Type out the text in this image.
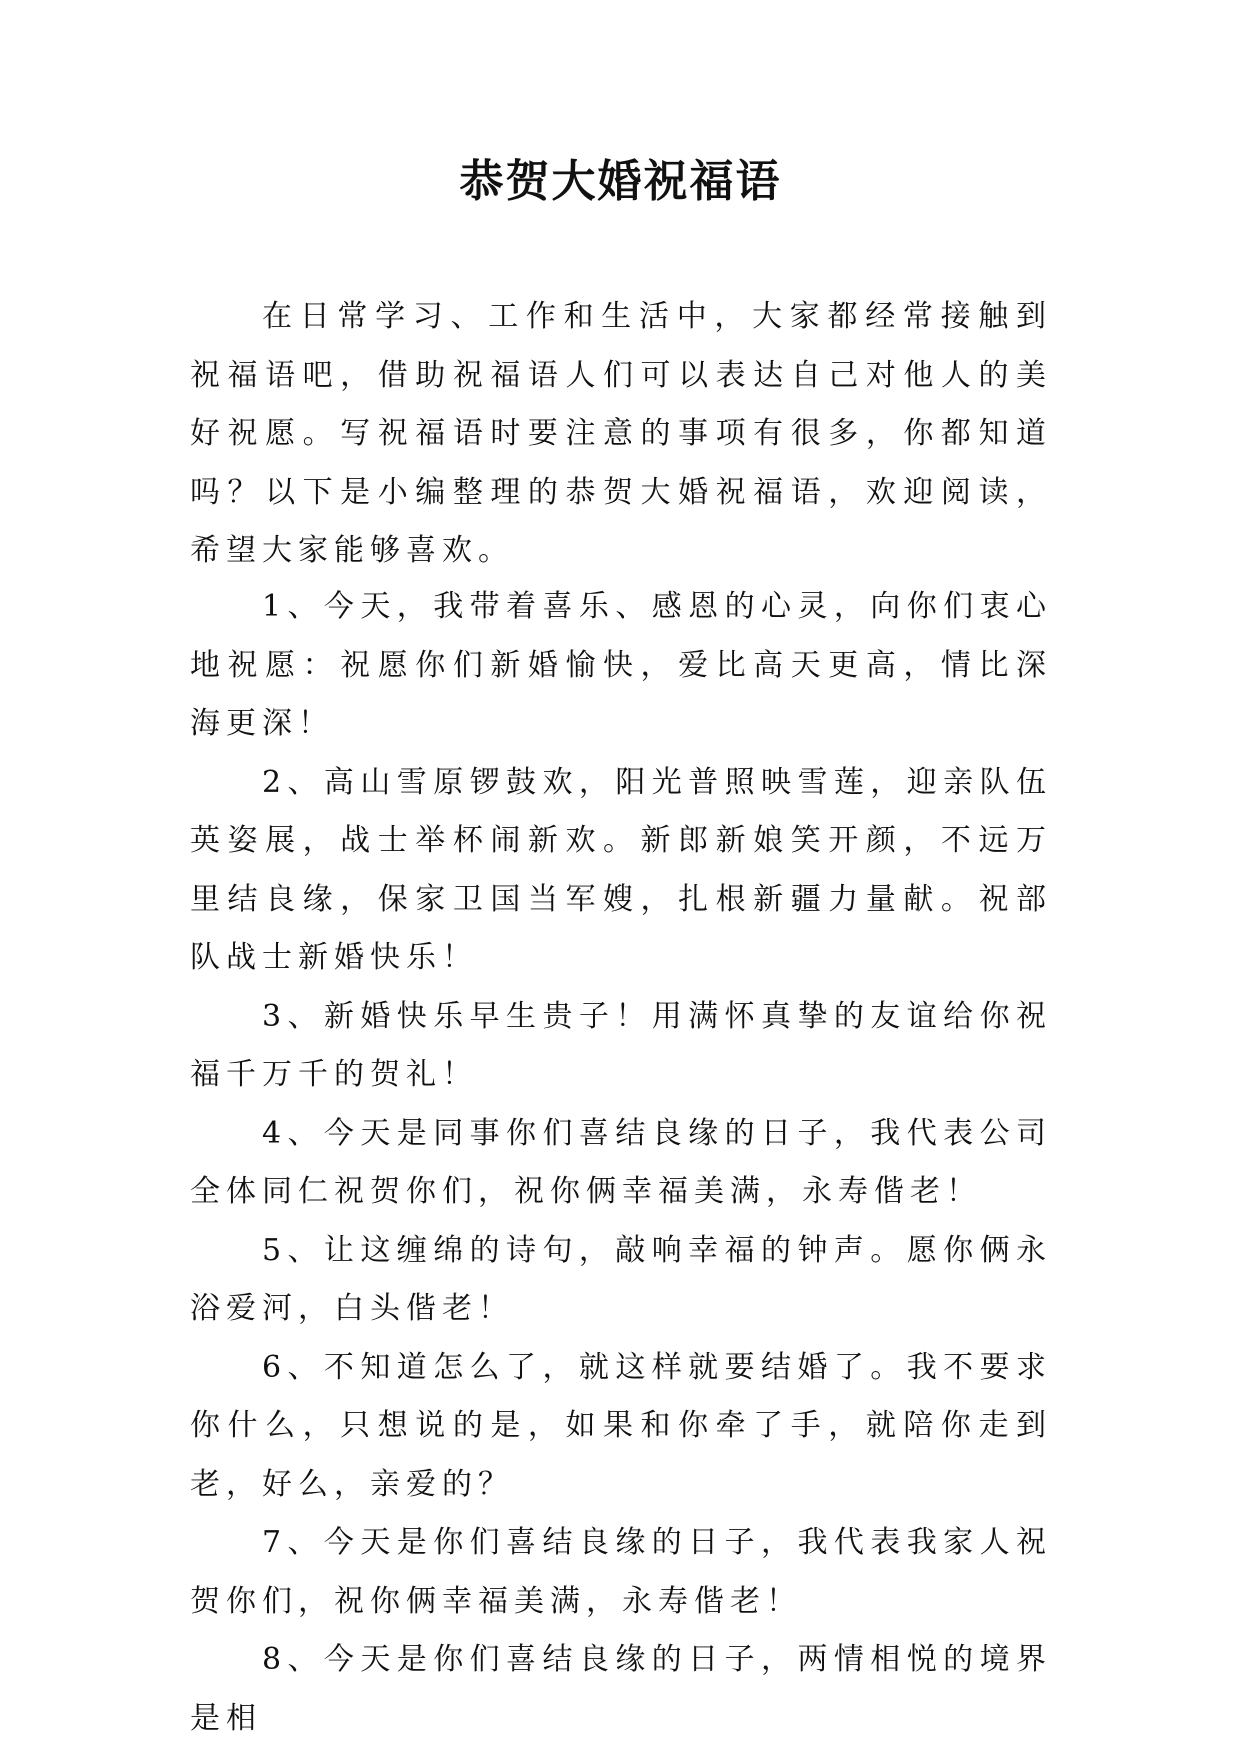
恭贺大婚祝福语

在日常学习、工作和生活中，大家都经常接触到祝福语吧，借助祝福语人们可以表达自己对他人的美好祝愿。写祝福语时要注意的事项有很多，你都知道吗？以下是小编整理的恭贺大婚祝福语，欢迎阅读，希望大家能够喜欢。

1、今天，我带着喜乐、感恩的心灵，向你们衷心地祝愿：祝愿你们新婚愉快，爱比高天更高，情比深海更深！

2、高山雪原锣鼓欢，阳光普照映雪莲，迎亲队伍英姿展，战士举杯闹新欢。新郎新娘笑开颜，不远万里结良缘，保家卫国当军嫂，扎根新疆力量献。祝部队战士新婚快乐！

3、新婚快乐早生贵子！用满怀真挚的友谊给你祝福千万千的贺礼！

4、今天是同事你们喜结良缘的日子，我代表公司全体同仁祝贺你们，祝你俩幸福美满，永寿偕老！

5、让这缠绵的诗句，敲响幸福的钟声。愿你俩永浴爱河，白头偕老！

6、不知道怎么了，就这样就要结婚了。我不要求你什么，只想说的是，如果和你牵了手，就陪你走到老，好么，亲爱的？

7、今天是你们喜结良缘的日子，我代表我家人祝贺你们，祝你俩幸福美满，永寿偕老！

8、今天是你们喜结良缘的日子，两情相悦的境界是相
